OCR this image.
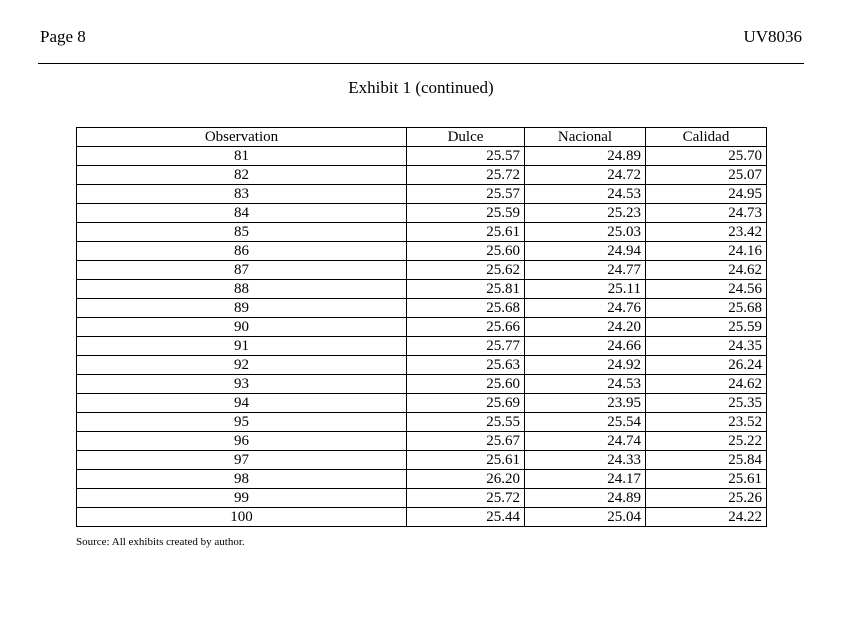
Page 8	UV8036
Exhibit 1 (continued)
Observation	Dulce	Nacional	Calidad
81	25.57	24.89	25.70
82	25.72	24.72	25.07
83	25.57	24.53	24.95
84	25.59	25.23	24.73
85	25.61	25.03	23.42
86	25.60	24.94	24.16
87	25.62	24.77	24.62
88	25.81	25.11	24.56
89	25.68	24.76	25.68
90	25.66	24.20	25.59
91	25.77	24.66	24.35
92	25.63	24.92	26.24
93	25.60	24.53	24.62
94	25.69	23.95	25.35
95	25.55	25.54	23.52
96	25.67	24.74	25.22
97	25.61	24.33	25.84
98	26.20	24.17	25.61
99	25.72	24.89	25.26
100	25.44	25.04	24.22
Source: All exhibits created by author.
